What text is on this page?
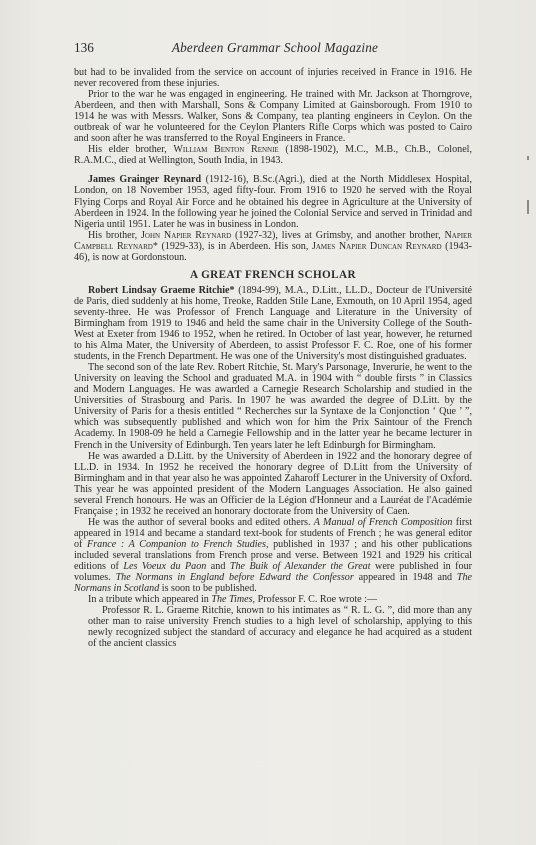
136	Aberdeen Grammar School Magazine

but had to be invalided from the service on account of injuries received in France in 1916. He never recovered from these injuries.

Prior to the war he was engaged in engineering. He trained with Mr. Jackson at Thorngrove, Aberdeen, and then with Marshall, Sons & Company Limited at Gainsborough. From 1910 to 1914 he was with Messrs. Walker, Sons & Company, tea planting engineers in Ceylon. On the outbreak of war he volunteered for the Ceylon Planters Rifle Corps which was posted to Cairo and soon after he was transferred to the Royal Engineers in France.

His elder brother, William Benton Rennie (1898-1902), M.C., M.B., Ch.B., Colonel, R.A.M.C., died at Wellington, South India, in 1943.

James Grainger Reynard (1912-16), B.Sc.(Agri.), died at the North Middlesex Hospital, London, on 18 November 1953, aged fifty-four. From 1916 to 1920 he served with the Royal Flying Corps and Royal Air Force and he obtained his degree in Agriculture at the University of Aberdeen in 1924. In the following year he joined the Colonial Service and served in Trinidad and Nigeria until 1951. Later he was in business in London.

His brother, John Napier Reynard (1927-32), lives at Grimsby, and another brother, Napier Campbell Reynard* (1929-33), is in Aberdeen. His son, James Napier Duncan Reynard (1943-46), is now at Gordonstoun.

A GREAT FRENCH SCHOLAR

Robert Lindsay Graeme Ritchie* (1894-99), M.A., D.Litt., LL.D., Docteur de l'Université de Paris, died suddenly at his home, Treoke, Radden Stile Lane, Exmouth, on 10 April 1954, aged seventy-three. He was Professor of French Language and Literature in the University of Birmingham from 1919 to 1946 and held the same chair in the University College of the South-West at Exeter from 1946 to 1952, when he retired. In October of last year, however, he returned to his Alma Mater, the University of Aberdeen, to assist Professor F. C. Roe, one of his former students, in the French Department. He was one of the University's most distinguished graduates.

The second son of the late Rev. Robert Ritchie, St. Mary's Parsonage, Inverurie, he went to the University on leaving the School and graduated M.A. in 1904 with “ double firsts ” in Classics and Modern Languages. He was awarded a Carnegie Research Scholarship and studied in the Universities of Strasbourg and Paris. In 1907 he was awarded the degree of D.Litt. by the University of Paris for a thesis entitled “ Recherches sur la Syntaxe de la Conjonction ‘ Que ’ ”, which was subsequently published and which won for him the Prix Saintour of the French Academy. In 1908-09 he held a Carnegie Fellowship and in the latter year he became lecturer in French in the University of Edinburgh. Ten years later he left Edinburgh for Birmingham.

He was awarded a D.Litt. by the University of Aberdeen in 1922 and the honorary degree of LL.D. in 1934. In 1952 he received the honorary degree of D.Litt from the University of Birmingham and in that year also he was appointed Zaharoff Lecturer in the University of Oxford. This year he was appointed president of the Modern Languages Association. He also gained several French honours. He was an Officier de la Légion d'Honneur and a Lauréat de l'Académie Française ; in 1932 he received an honorary doctorate from the University of Caen.

He was the author of several books and edited others. A Manual of French Composition first appeared in 1914 and became a standard text-book for students of French ; he was general editor of France : A Companion to French Studies, published in 1937 ; and his other publications included several translations from French prose and verse. Between 1921 and 1929 his critical editions of Les Voeux du Paon and The Buik of Alexander the Great were published in four volumes. The Normans in England before Edward the Confessor appeared in 1948 and The Normans in Scotland is soon to be published.

In a tribute which appeared in The Times, Professor F. C. Roe wrote :—

Professor R. L. Graeme Ritchie, known to his intimates as “ R. L. G. ”, did more than any other man to raise university French studies to a high level of scholarship, applying to this newly recognized subject the standard of accuracy and elegance he had acquired as a student of the ancient classics
